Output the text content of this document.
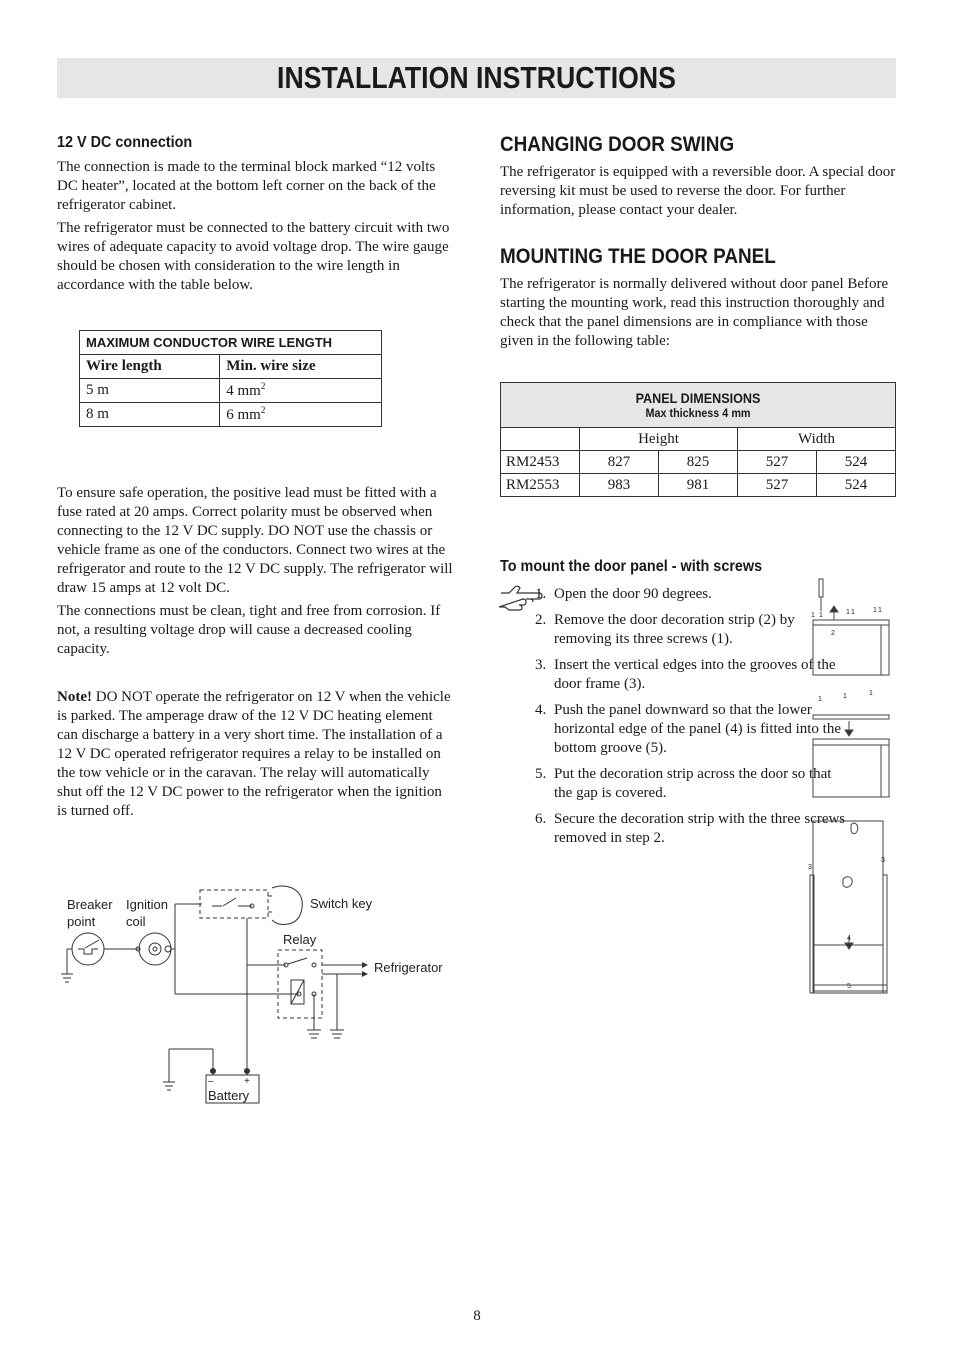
INSTALLATION INSTRUCTIONS
12 V DC connection

The connection is made to the terminal block marked “12 volts DC heater”, located at the bottom left corner on the back of the refrigerator cabinet.

The refrigerator must be connected to the battery circuit with two wires of adequate capacity to avoid voltage drop. The wire gauge should be chosen with consideration to the wire length in accordance with the table below.

MAXIMUM CONDUCTOR WIRE LENGTH	
Wire length	Min. wire size
5 m	4 $mm^2$
8 m	6 $mm^2$

To ensure safe operation, the positive lead must be fitted with a fuse rated at 20 amps. Correct polarity must be observed when connecting to the 12 V DC supply. DO NOT use the chassis or vehicle frame as one of the conductors. Connect two wires at the refrigerator and route to the 12 V DC supply. The refrigerator will draw 15 amps at 12 volt DC.

The connections must be clean, tight and free from corrosion. If not, a resulting voltage drop will cause a decreased cooling capacity.

Note! DO NOT operate the refrigerator on 12 V when the vehicle is parked. The amperage draw of the 12 V DC heating element can discharge a battery in a very short time. The installation of a 12 V DC operated refrigerator requires a relay to be installed on the tow vehicle or in the caravan. The relay will automatically shut off the 12 V DC power to the refrigerator when the ignition is turned off.

Breaker
point
Ignition
coil
Switch key
Relay
Refrigerator
Battery
–	+
CHANGING DOOR SWING

The refrigerator is equipped with a reversible door. A special door reversing kit must be used to reverse the door. For further information, please contact your dealer.

MOUNTING THE DOOR PANEL

The refrigerator is normally delivered without door panel Before starting the mounting work, read this instruction thoroughly and check that the panel dimensions are in compliance with those given in the following table:

PANEL DIMENSIONS
Max thickness 4 mm				

	Height		Width	
RM2453	827	825	527	524
RM2553	983	981	527	524
To mount the door panel - with screws
1. Open the door 90 degrees.
2. Remove the door decoration strip (2) by removing its three screws (1).
3. Insert the vertical edges into the grooves of the door frame (3).
4. Push the panel downward so that the lower horizontal edge of the panel (4) is fitted into the bottom groove (5).
5. Put the decoration strip across the door so that the gap is covered.
6. Secure the decoration strip with the three screws removed in step 2.
1 1	1 1	1 1
2
1	1	1
3
3
4
5
8
